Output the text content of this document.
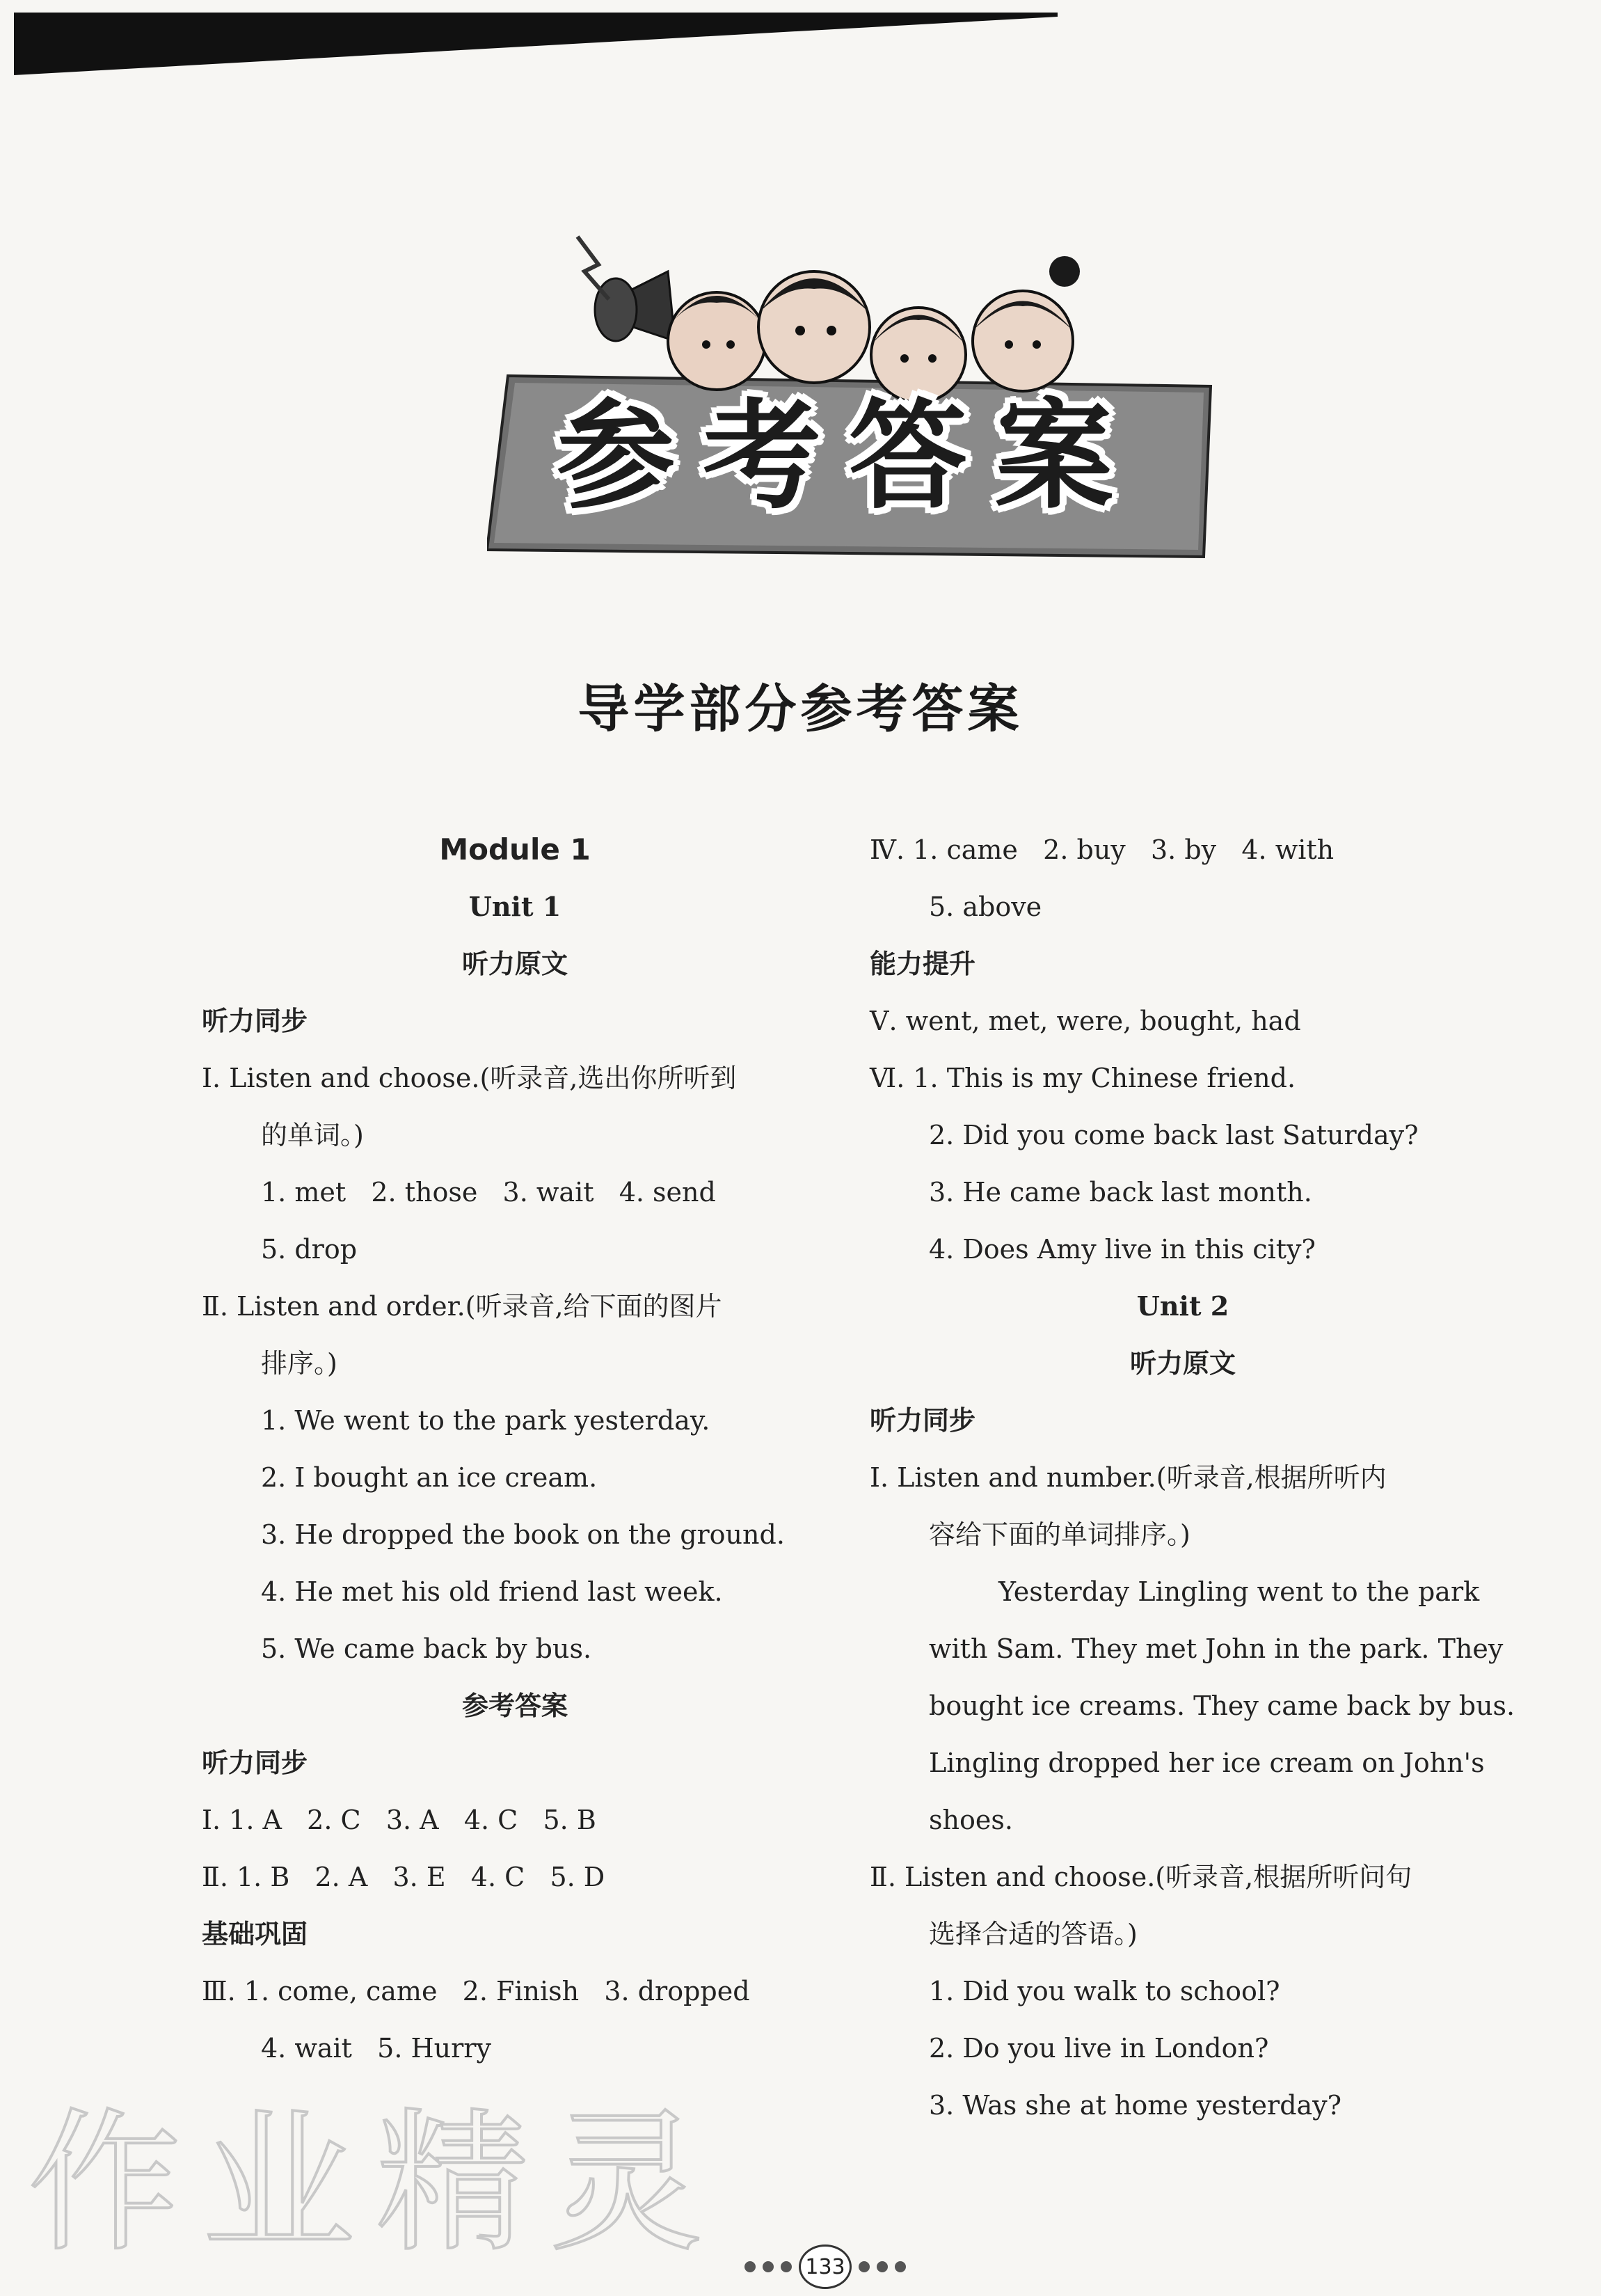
参考答案
导学部分参考答案
Module 1
Unit 1
听力原文
听力同步
Ⅰ. Listen and choose.(听录音,选出你所听到
的单词。)
1. met   2. those   3. wait   4. send
5. drop
Ⅱ. Listen and order.(听录音,给下面的图片
排序。)
1. We went to the park yesterday.
2. I bought an ice cream.
3. He dropped the book on the ground.
4. He met his old friend last week.
5. We came back by bus.
参考答案
听力同步
Ⅰ. 1. A   2. C   3. A   4. C   5. B
Ⅱ. 1. B   2. A   3. E   4. C   5. D
基础巩固
Ⅲ. 1. come, came   2. Finish   3. dropped
4. wait   5. Hurry
Ⅳ. 1. came   2. buy   3. by   4. with
5. above
能力提升
Ⅴ. went, met, were, bought, had
Ⅵ. 1. This is my Chinese friend.
2. Did you come back last Saturday?
3. He came back last month.
4. Does Amy live in this city?
Unit 2
听力原文
听力同步
Ⅰ. Listen and number.(听录音,根据所听内
容给下面的单词排序。)
Yesterday Lingling went to the park
with Sam. They met John in the park. They
bought ice creams. They came back by bus.
Lingling dropped her ice cream on John's
shoes.
Ⅱ. Listen and choose.(听录音,根据所听问句
选择合适的答语。)
1. Did you walk to school?
2. Do you live in London?
3. Was she at home yesterday?
作业精灵	133
